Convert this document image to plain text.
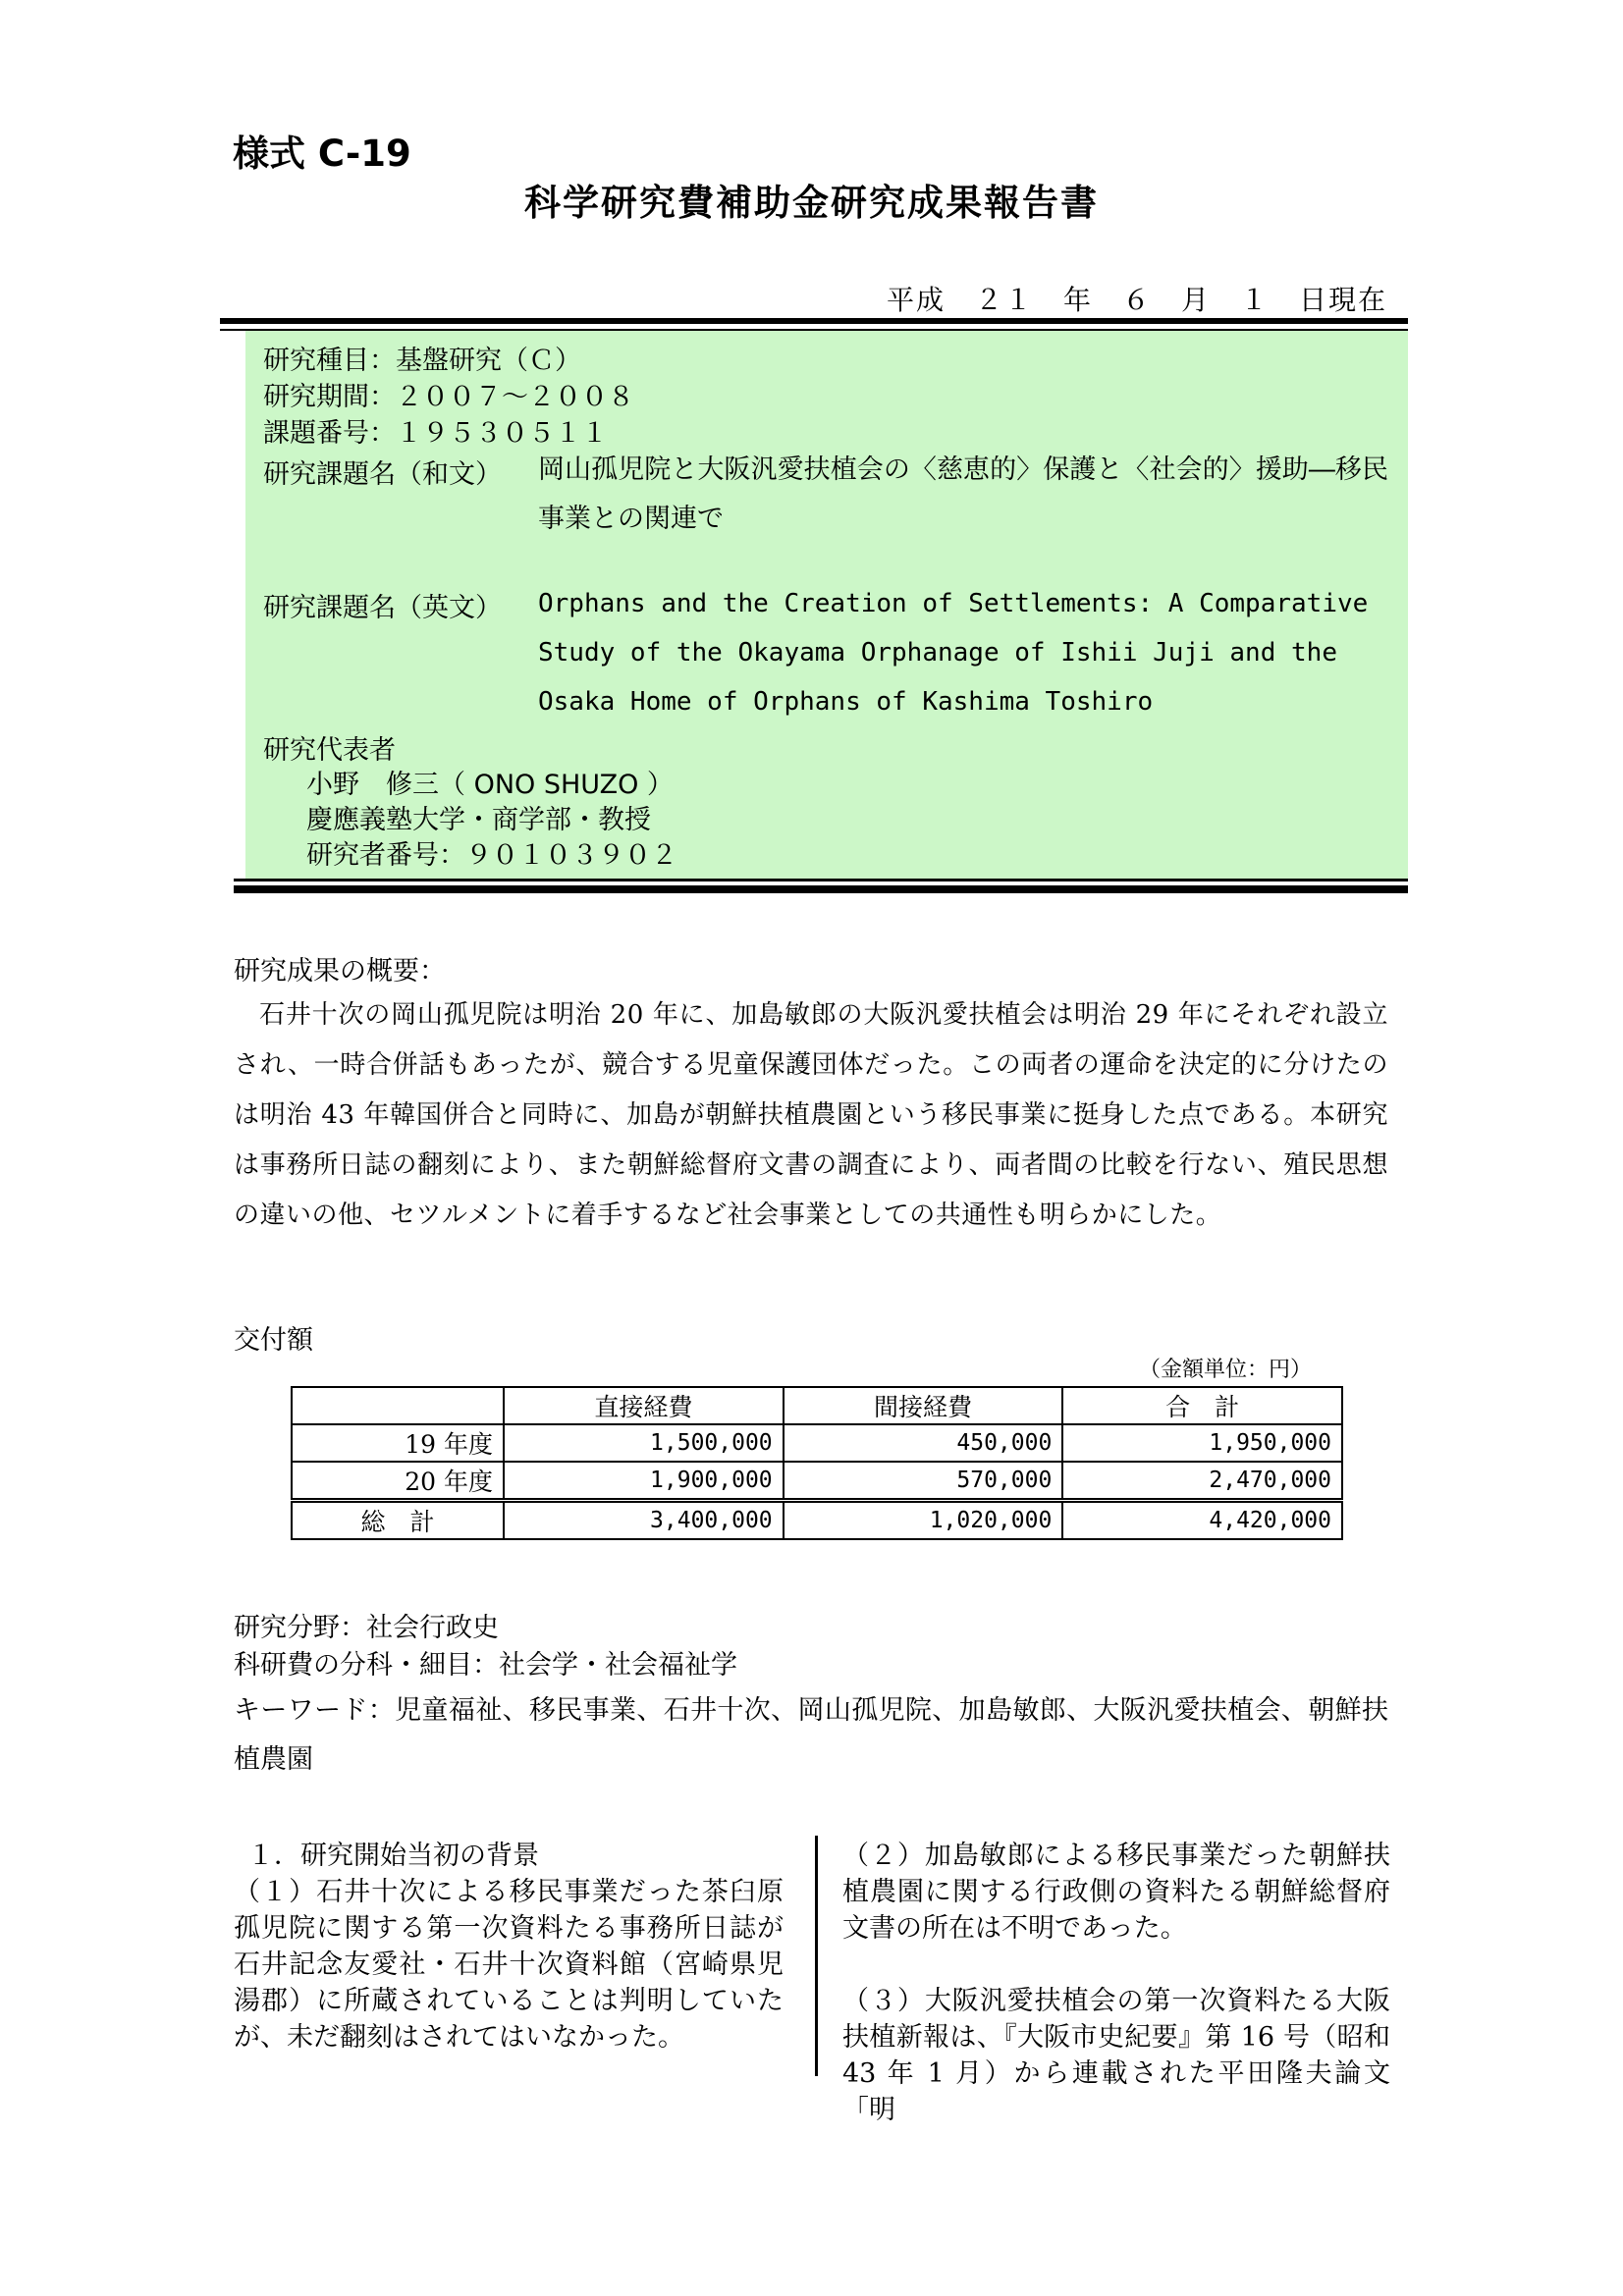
様式 C-19
科学研究費補助金研究成果報告書
平成　２１　年　６　月　１　日現在
研究種目：基盤研究（Ｃ）
研究期間：２００７～２００８
課題番号：１９５３０５１１
研究課題名（和文） 岡山孤児院と大阪汎愛扶植会の〈慈恵的〉保護と〈社会的〉援助―移民事業との関連で
研究課題名（英文） Orphans and the Creation of Settlements: A Comparative Study of the Okayama Orphanage of Ishii Juji and the Osaka Home of Orphans of Kashima Toshiro
研究代表者
小野　修三（ ONO SHUZO ）
慶應義塾大学・商学部・教授
研究者番号：９０１０３９０２
研究成果の概要：
石井十次の岡山孤児院は明治 20 年に、加島敏郎の大阪汎愛扶植会は明治 29 年にそれぞれ設立され、一時合併話もあったが、競合する児童保護団体だった。この両者の運命を決定的に分けたのは明治 43 年韓国併合と同時に、加島が朝鮮扶植農園という移民事業に挺身した点である。本研究は事務所日誌の翻刻により、また朝鮮総督府文書の調査により、両者間の比較を行ない、殖民思想の違いの他、セツルメントに着手するなど社会事業としての共通性も明らかにした。
交付額
（金額単位：円）
	直接経費	間接経費	合　計
19 年度	1,500,000	450,000	1,950,000
20 年度	1,900,000	570,000	2,470,000
総　計	3,400,000	1,020,000	4,420,000
研究分野：社会行政史
科研費の分科・細目：社会学・社会福祉学
キーワード：児童福祉、移民事業、石井十次、岡山孤児院、加島敏郎、大阪汎愛扶植会、朝鮮扶植農園
１．研究開始当初の背景
（１）石井十次による移民事業だった茶臼原孤児院に関する第一次資料たる事務所日誌が石井記念友愛社・石井十次資料館（宮崎県児湯郡）に所蔵されていることは判明していたが、未だ翻刻はされてはいなかった。
（２）加島敏郎による移民事業だった朝鮮扶植農園に関する行政側の資料たる朝鮮総督府文書の所在は不明であった。
（３）大阪汎愛扶植会の第一次資料たる大阪扶植新報は、『大阪市史紀要』第 16 号（昭和 43 年 1 月）から連載された平田隆夫論文「明
